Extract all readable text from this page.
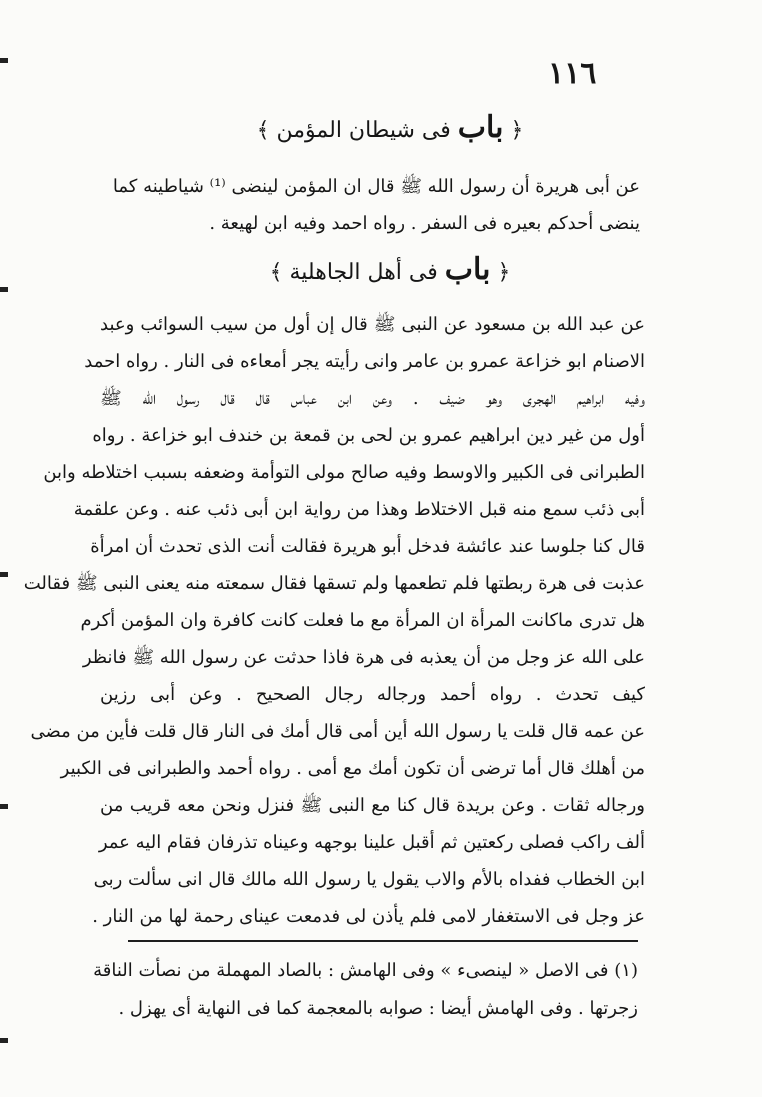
١١٦
﴿ باب فى شيطان المؤمن ﴾
عن أبى هريرة أن رسول الله ﷺ قال ان المؤمن لينضى ⁽¹⁾ شياطينه كما
ينضى أحدكم بعيره فى السفر . رواه احمد وفيه ابن لهيعة .
﴿ باب فى أهل الجاهلية ﴾
عن عبد الله بن مسعود عن النبى ﷺ قال إن أول من سيب السوائب وعبد
الاصنام ابو خزاعة عمرو بن عامر وانى رأيته يجر أمعاءه فى النار . رواه احمد
وفيه ابراهيم الهجرى وهو ضيف . وعن ابن عباس قال قال رسول الله ﷺ
أول من غير دين ابراهيم عمرو بن لحى بن قمعة بن خندف ابو خزاعة . رواه
الطبرانى فى الكبير والاوسط وفيه صالح مولى التوأمة وضعفه بسبب اختلاطه وابن
أبى ذئب سمع منه قبل الاختلاط وهذا من رواية ابن أبى ذئب عنه . وعن علقمة
قال كنا جلوسا عند عائشة فدخل أبو هريرة فقالت أنت الذى تحدث أن امرأة
عذبت فى هرة ربطتها فلم تطعمها ولم تسقها فقال سمعته منه يعنى النبى ﷺ فقالت
هل تدرى ماكانت المرأة ان المرأة مع ما فعلت كانت كافرة وان المؤمن أكرم
على الله عز وجل من أن يعذبه فى هرة فاذا حدثت عن رسول الله ﷺ فانظر
كيف تحدث . رواه أحمد ورجاله رجال الصحيح . وعن أبى رزين
عن عمه قال قلت يا رسول الله أين أمى قال أمك فى النار قال قلت فأين من مضى
من أهلك قال أما ترضى أن تكون أمك مع أمى . رواه أحمد والطبرانى فى الكبير
ورجاله ثقات . وعن بريدة قال كنا مع النبى ﷺ فنزل ونحن معه قريب من
ألف راكب فصلى ركعتين ثم أقبل علينا بوجهه وعيناه تذرفان فقام اليه عمر
ابن الخطاب ففداه بالأم والاب يقول يا رسول الله مالك قال انى سألت ربى
عز وجل فى الاستغفار لامى فلم يأذن لى فدمعت عيناى رحمة لها من النار .
(١) فى الاصل « لينصىء » وفى الهامش : بالصاد المهملة من نصأت الناقة
زجرتها . وفى الهامش أيضا : صوابه بالمعجمة كما فى النهاية أى يهزل .
